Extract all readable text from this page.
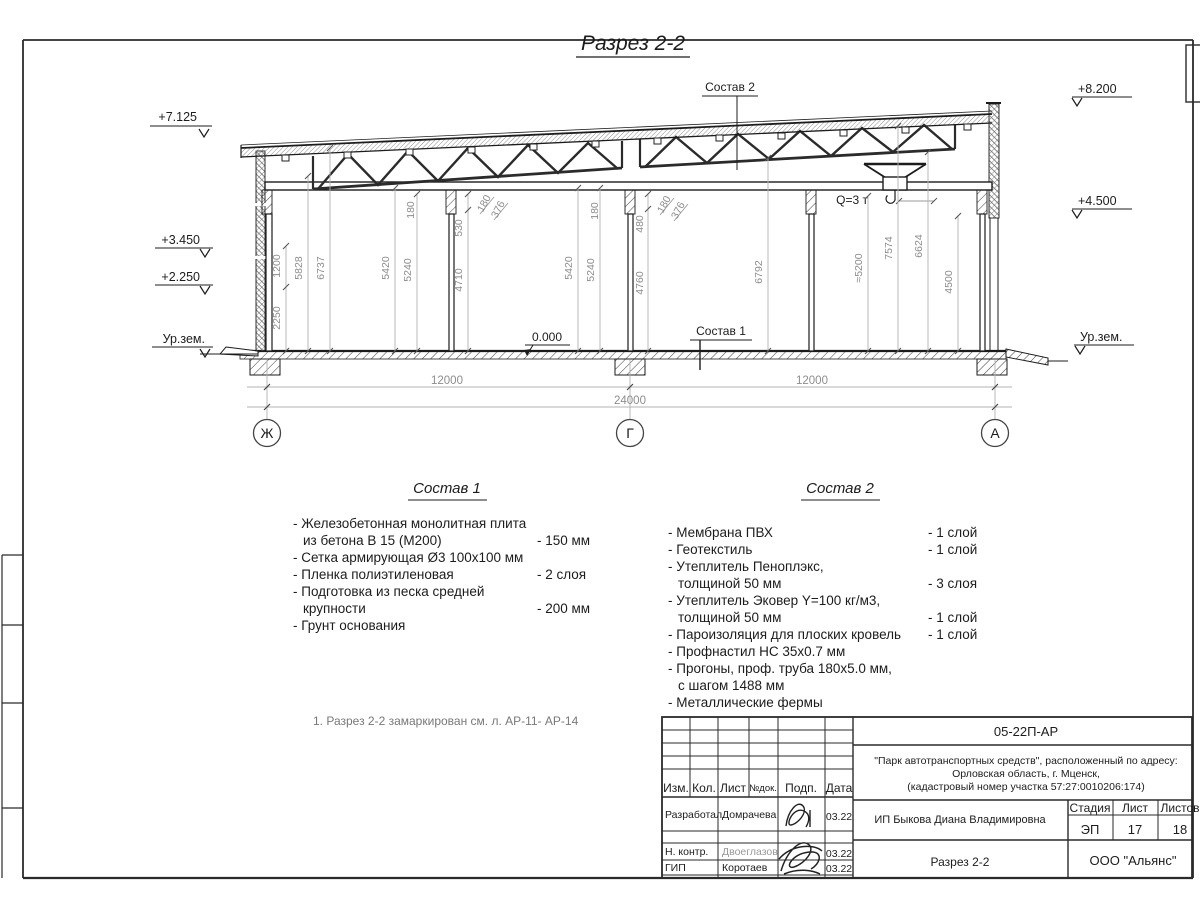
Q=3 т
1200
2250
5828 6737	5420 5240
180
530
4710
180
376
5420 5240
180
480
4760
180
376
6792	≈5200
7574 6624
4500
+7.125
+3.450
+2.250
Ур.зем.
+8.200
+4.500
Ур.зем.
Состав 2
Состав 1
0.000
12000	12000
24000
Ж	Г	А
Разрез 2-2
Состав 1
- Железобетонная монолитная плита
из бетона В 15 (М200)	- 150 мм
- Сетка армирующая Ø3 100х100 мм
- Пленка полиэтиленовая	- 2 слоя
- Подготовка из песка средней
крупности	- 200 мм
- Грунт основания
Состав 2
- Мембрана ПВХ	- 1 слой
- Геотекстиль	- 1 слой
- Утеплитель Пеноплэкс,
толщиной 50 мм	- 3 слоя
- Утеплитель Эковер Y=100 кг/м3,
толщиной 50 мм	- 1 слой
- Пароизоляция для плоских кровель - 1 слой
- Профнастил НС 35х0.7 мм
- Прогоны, проф. труба 180х5.0 мм,
с шагом 1488 мм
- Металлические фермы
1. Разрез 2-2 замаркирован см. л. АР-11- АР-14
Изм. Кол. Лист №док. Подп. Дата
Разработал Домрачева	03.22
Н. контр. Двоеглазов	03.22
ГИП	Коротаев	03.22
05-22П-АР
"Парк автотранспортных средств", расположенный по адресу:
Орловская область, г. Мценск,
(кадастровый номер участка 57:27:0010206:174)
ИП Быкова Диана Владимировна
Разрез 2-2
Стадия Лист Листов
ЭП 17 18
ООО "Альянс"
